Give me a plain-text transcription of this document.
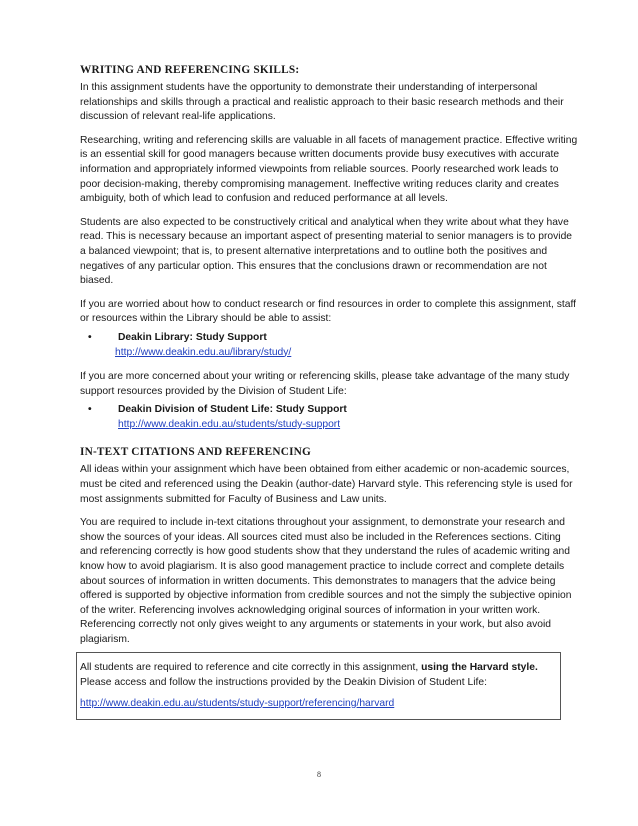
WRITING AND REFERENCING SKILLS:

In this assignment students have the opportunity to demonstrate their understanding of interpersonal relationships and skills through a practical and realistic approach to their basic research methods and their discussion of relevant real-life applications.

Researching, writing and referencing skills are valuable in all facets of management practice. Effective writing is an essential skill for good managers because written documents provide busy executives with accurate information and appropriately informed viewpoints from reliable sources. Poorly researched work leads to poor decision-making, thereby compromising management. Ineffective writing reduces clarity and creates ambiguity, both of which lead to confusion and reduced performance at all levels.

Students are also expected to be constructively critical and analytical when they write about what they have read. This is necessary because an important aspect of presenting material to senior managers is to provide a balanced viewpoint; that is, to present alternative interpretations and to outline both the positives and negatives of any particular option. This ensures that the conclusions drawn or recommendation are not biased.

If you are worried about how to conduct research or find resources in order to complete this assignment, staff or resources within the Library should be able to assist:

•	Deakin Library: Study Support
http://www.deakin.edu.au/library/study/

If you are more concerned about your writing or referencing skills, please take advantage of the many study support resources provided by the Division of Student Life:

•	Deakin Division of Student Life: Study Support
http://www.deakin.edu.au/students/study-support
IN-TEXT CITATIONS AND REFERENCING

All ideas within your assignment which have been obtained from either academic or non-academic sources, must be cited and referenced using the Deakin (author-date) Harvard style. This referencing style is used for most assignments submitted for Faculty of Business and Law units.

You are required to include in-text citations throughout your assignment, to demonstrate your research and show the sources of your ideas. All sources cited must also be included in the References sections. Citing and referencing correctly is how good students show that they understand the rules of academic writing and know how to avoid plagiarism. It is also good management practice to include correct and complete details about sources of information in written documents. This demonstrates to managers that the advice being offered is supported by objective information from credible sources and not the simply the subjective opinion of the writer. Referencing involves acknowledging original sources of information in your written work. Referencing correctly not only gives weight to any arguments or statements in your work, but also avoid plagiarism.

All students are required to reference and cite correctly in this assignment, using the Harvard style. Please access and follow the instructions provided by the Deakin Division of Student Life:

http://www.deakin.edu.au/students/study-support/referencing/harvard
8
